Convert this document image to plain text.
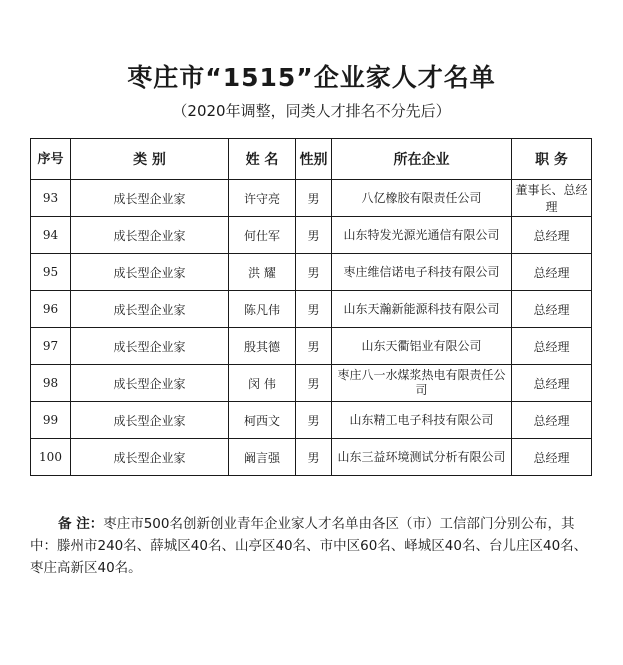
枣庄市“1515”企业家人才名单
（2020年调整，同类人才排名不分先后）
序号	类 别	姓 名	性别	所在企业	职 务
93	成长型企业家	许守亮	男	八亿橡胶有限责任公司	董事长、总经理
94	成长型企业家	何仕军	男	山东特发光源光通信有限公司	总经理
95	成长型企业家	洪 耀	男	枣庄维信诺电子科技有限公司	总经理
96	成长型企业家	陈凡伟	男	山东天瀚新能源科技有限公司	总经理
97	成长型企业家	殷其德	男	山东天衢铝业有限公司	总经理
98	成长型企业家	闵 伟	男	枣庄八一水煤浆热电有限责任公司	总经理
99	成长型企业家	柯西文	男	山东精工电子科技有限公司	总经理
100	成长型企业家	阚言强	男	山东三益环境测试分析有限公司	总经理
备 注：枣庄市500名创新创业青年企业家人才名单由各区（市）工信部门分别公布，其中：滕州市240名、薛城区40名、山亭区40名、市中区60名、峄城区40名、台儿庄区40名、枣庄高新区40名。
